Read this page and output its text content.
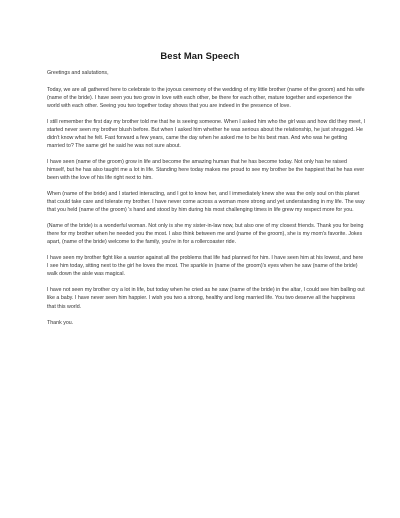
Best Man Speech

Greetings and salutations,

Today, we are all gathered here to celebrate to the joyous ceremony of the wedding of my little brother (name of the groom) and his wife (name of the bride). I have seen you two grow in love with each other, be there for each other, mature together and experience the world with each other. Seeing you two together today shows that you are indeed in the presence of love.

I still remember the first day my brother told me that he is seeing someone. When I asked him who the girl was and how did they meet, I started never seen my brother blush before. But when I asked him whether he was serious about the relationship, he just shrugged. He didn't know what he felt. Fast forward a few years, came the day when he asked me to be his best man. And who was he getting married to? The same girl he said he was not sure about.

I have seen (name of the groom) grow in life and become the amazing human that he has become today. Not only has he raised himself, but he has also taught me a lot in life. Standing here today makes me proud to see my brother be the happiest that he has ever been with the love of his life right next to him.

When (name of the bride) and I started interacting, and I got to know her, and I immediately knew she was the only soul on this planet that could take care and tolerate my brother. I have never come across a woman more strong and yet understanding in my life. The way that you held (name of the groom) 's hand and stood by him during his most challenging times in life grew my respect more for you.

(Name of the bride) is a wonderful woman. Not only is she my sister-in-law now, but also one of my closest friends. Thank you for being there for my brother when he needed you the most. I also think between me and (name of the groom), she is my mom's favorite. Jokes apart, (name of the bride) welcome to the family, you're in for a rollercoaster ride.

I have seen my brother fight like a warrior against all the problems that life had planned for him. I have seen him at his lowest, and here I see him today, sitting next to the girl he loves the most. The sparkle in (name of the groom)'s eyes when he saw (name of the bride) walk down the aisle was magical.

I have not seen my brother cry a lot in life, but today when he cried as he saw (name of the bride) in the altar, I could see him balling out like a baby. I have never seen him happier. I wish you two a strong, healthy and long married life. You two deserve all the happiness that this world.

Thank you.
